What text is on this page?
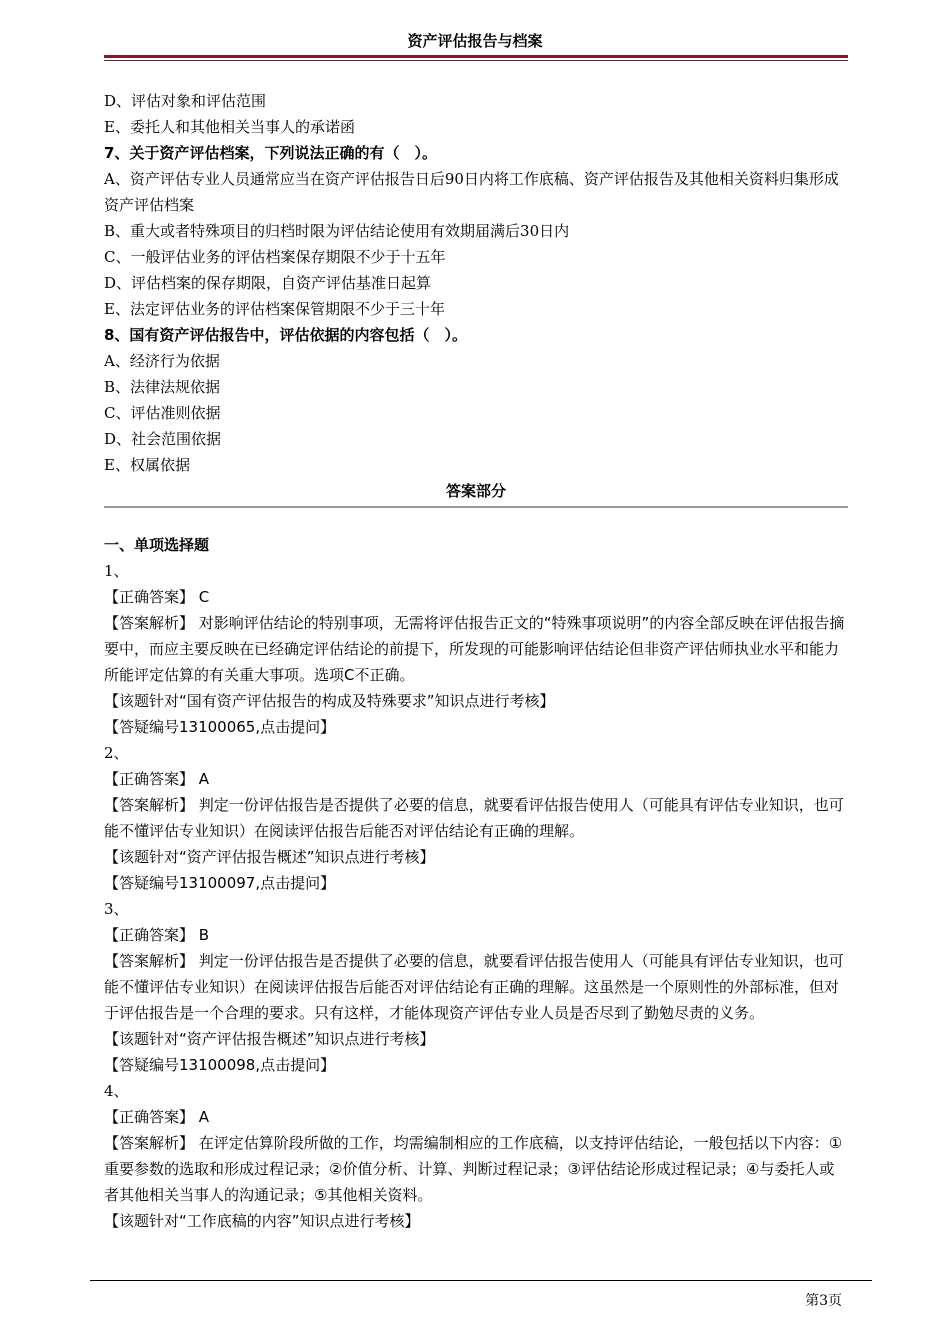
资产评估报告与档案
D、评估对象和评估范围
E、委托人和其他相关当事人的承诺函
7、关于资产评估档案，下列说法正确的有（　）。
A、资产评估专业人员通常应当在资产评估报告日后90日内将工作底稿、资产评估报告及其他相关资料归集形成资产评估档案
B、重大或者特殊项目的归档时限为评估结论使用有效期届满后30日内
C、一般评估业务的评估档案保存期限不少于十五年
D、评估档案的保存期限，自资产评估基准日起算
E、法定评估业务的评估档案保管期限不少于三十年
8、国有资产评估报告中，评估依据的内容包括（　）。
A、经济行为依据
B、法律法规依据
C、评估准则依据
D、社会范围依据
E、权属依据
答案部分
一、单项选择题
1、
【正确答案】 C
【答案解析】 对影响评估结论的特别事项，无需将评估报告正文的“特殊事项说明”的内容全部反映在评估报告摘要中，而应主要反映在已经确定评估结论的前提下，所发现的可能影响评估结论但非资产评估师执业水平和能力所能评定估算的有关重大事项。选项C不正确。
【该题针对“国有资产评估报告的构成及特殊要求”知识点进行考核】
【答疑编号13100065,点击提问】
2、
【正确答案】 A
【答案解析】 判定一份评估报告是否提供了必要的信息，就要看评估报告使用人（可能具有评估专业知识，也可能不懂评估专业知识）在阅读评估报告后能否对评估结论有正确的理解。
【该题针对“资产评估报告概述”知识点进行考核】
【答疑编号13100097,点击提问】
3、
【正确答案】 B
【答案解析】 判定一份评估报告是否提供了必要的信息，就要看评估报告使用人（可能具有评估专业知识，也可能不懂评估专业知识）在阅读评估报告后能否对评估结论有正确的理解。这虽然是一个原则性的外部标准，但对于评估报告是一个合理的要求。只有这样，才能体现资产评估专业人员是否尽到了勤勉尽责的义务。
【该题针对“资产评估报告概述”知识点进行考核】
【答疑编号13100098,点击提问】
4、
【正确答案】 A
【答案解析】 在评定估算阶段所做的工作，均需编制相应的工作底稿，以支持评估结论，一般包括以下内容：①重要参数的选取和形成过程记录；②价值分析、计算、判断过程记录；③评估结论形成过程记录；④与委托人或者其他相关当事人的沟通记录；⑤其他相关资料。
【该题针对“工作底稿的内容”知识点进行考核】
第3页
